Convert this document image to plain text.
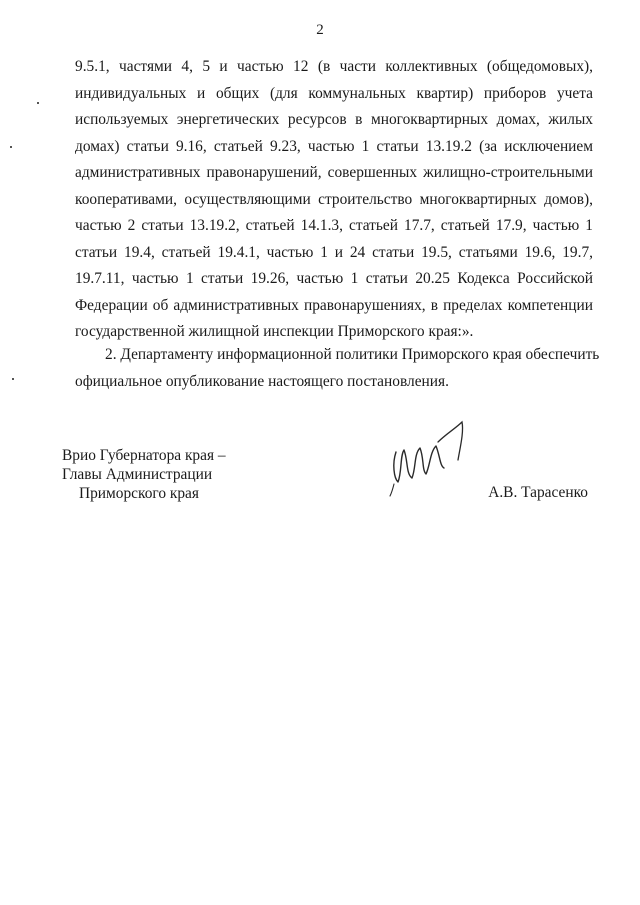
2
9.5.1, частями 4, 5 и частью 12 (в части коллективных (общедомовых),
индивидуальных и общих (для коммунальных квартир) приборов учета
используемых энергетических ресурсов в многоквартирных домах, жилых
домах) статьи 9.16, статьей 9.23, частью 1 статьи 13.19.2 (за исключением
административных правонарушений, совершенных жилищно-строительными
кооперативами, осуществляющими строительство многоквартирных домов),
частью 2 статьи 13.19.2, статьей 14.1.3, статьей 17.7, статьей 17.9, частью 1
статьи 19.4, статьей 19.4.1, частью 1 и 24 статьи 19.5, статьями 19.6, 19.7,
19.7.11, частью 1 статьи 19.26, частью 1 статьи 20.25 Кодекса Российской
Федерации об административных правонарушениях, в пределах компетенции
государственной жилищной инспекции Приморского края:».
2. Департаменту информационной политики Приморского края обеспечить
официальное опубликование настоящего постановления.
Врио Губернатора края –
Главы Администрации
Приморского края	А.В. Тарасенко
